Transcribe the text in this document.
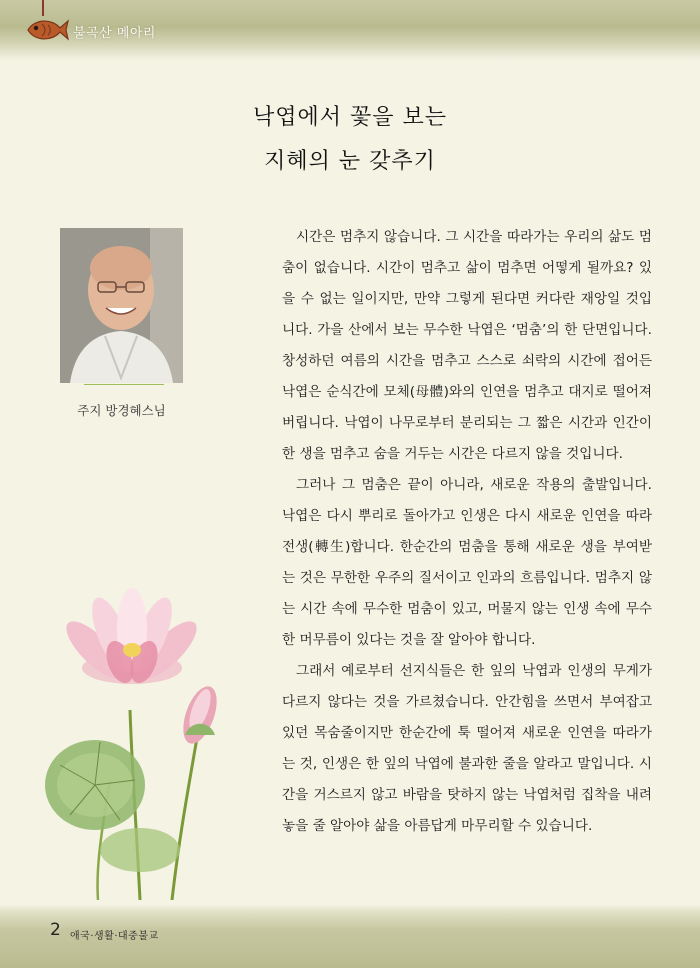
불곡산 메아리
낙엽에서 꽃을 보는
지혜의 눈 갖추기
주지 방경혜스님

시간은 멈추지 않습니다. 그 시간을 따라가는 우리의 삶도 멈춤이 없습니다. 시간이 멈추고 삶이 멈추면 어떻게 될까요? 있을 수 없는 일이지만, 만약 그렇게 된다면 커다란 재앙일 것입니다. 가을 산에서 보는 무수한 낙엽은 ‘멈춤’의 한 단면입니다. 창성하던 여름의 시간을 멈추고 스스로 쇠락의 시간에 접어든 낙엽은 순식간에 모체(母體)와의 인연을 멈추고 대지로 떨어져 버립니다. 낙엽이 나무로부터 분리되는 그 짧은 시간과 인간이 한 생을 멈추고 숨을 거두는 시간은 다르지 않을 것입니다.

그러나 그 멈춤은 끝이 아니라, 새로운 작용의 출발입니다. 낙엽은 다시 뿌리로 돌아가고 인생은 다시 새로운 인연을 따라 전생(轉生)합니다. 한순간의 멈춤을 통해 새로운 생을 부여받는 것은 무한한 우주의 질서이고 인과의 흐름입니다. 멈추지 않는 시간 속에 무수한 멈춤이 있고, 머물지 않는 인생 속에 무수한 머무름이 있다는 것을 잘 알아야 합니다.

그래서 예로부터 선지식들은 한 잎의 낙엽과 인생의 무게가 다르지 않다는 것을 가르쳤습니다. 안간힘을 쓰면서 부여잡고 있던 목숨줄이지만 한순간에 툭 떨어져 새로운 인연을 따라가는 것, 인생은 한 잎의 낙엽에 불과한 줄을 알라고 말입니다. 시간을 거스르지 않고 바람을 탓하지 않는 낙엽처럼 집착을 내려놓을 줄 알아야 삶을 아름답게 마무리할 수 있습니다.

2 애국·생활·대중불교
